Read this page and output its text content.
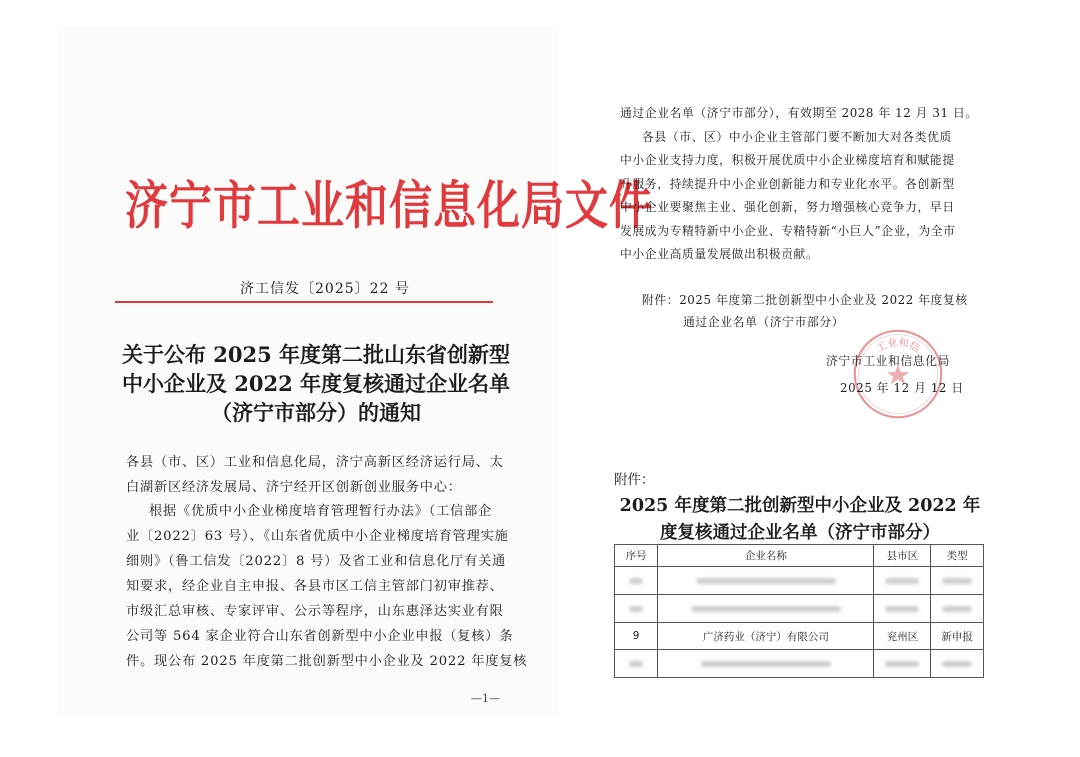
济宁市工业和信息化局文件
济工信发〔2025〕22 号
关于公布 2025 年度第二批山东省创新型中小企业及 2022 年度复核通过企业名单（济宁市部分）的通知
各县（市、区）工业和信息化局，济宁高新区经济运行局、太
白湖新区经济发展局、济宁经开区创新创业服务中心：
根据《优质中小企业梯度培育管理暂行办法》（工信部企
业〔2022〕63 号）、《山东省优质中小企业梯度培育管理实施
细则》（鲁工信发〔2022〕8 号）及省工业和信息化厅有关通
知要求，经企业自主申报、各县市区工信主管部门初审推荐、
市级汇总审核、专家评审、公示等程序，山东惠泽达实业有限
公司等 564 家企业符合山东省创新型中小企业申报（复核）条
件。现公布 2025 年度第二批创新型中小企业及 2022 年度复核
—1—
通过企业名单（济宁市部分），有效期至 2028 年 12 月 31 日。
各县（市、区）中小企业主管部门要不断加大对各类优质
中小企业支持力度，积极开展优质中小企业梯度培育和赋能提
升服务，持续提升中小企业创新能力和专业化水平。各创新型
中小企业要聚焦主业、强化创新，努力增强核心竞争力，早日
发展成为专精特新中小企业、专精特新“小巨人”企业，为全市
中小企业高质量发展做出积极贡献。
附件：2025 年度第二批创新型中小企业及 2022 年度复核
通过企业名单（济宁市部分）
工业和信
济宁市工业和信息化局
2025 年 12 月 12 日
附件：
2025 年度第二批创新型中小企业及 2022 年度复核通过企业名单（济宁市部分）
序号	企业名称	县市区	类型

9	广济药业（济宁）有限公司	兖州区	新申报
